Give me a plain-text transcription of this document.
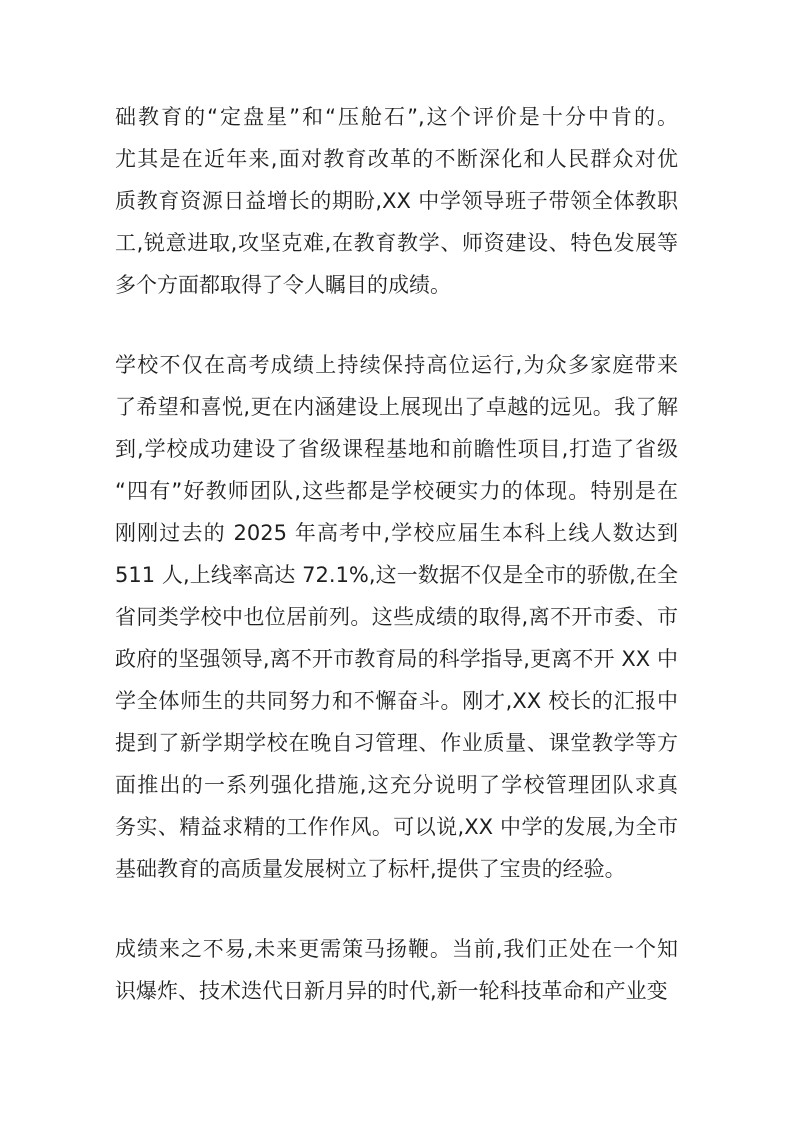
础教育的“定盘星”和“压舱石”,这个评价是十分中肯的。
尤其是在近年来,面对教育改革的不断深化和人民群众对优
质教育资源日益增长的期盼,XX 中学领导班子带领全体教职
工,锐意进取,攻坚克难,在教育教学、师资建设、特色发展等
多个方面都取得了令人瞩目的成绩。
学校不仅在高考成绩上持续保持高位运行,为众多家庭带来
了希望和喜悦,更在内涵建设上展现出了卓越的远见。我了解
到,学校成功建设了省级课程基地和前瞻性项目,打造了省级
“四有”好教师团队,这些都是学校硬实力的体现。特别是在
刚刚过去的 2025 年高考中,学校应届生本科上线人数达到
511 人,上线率高达 72.1%,这一数据不仅是全市的骄傲,在全
省同类学校中也位居前列。这些成绩的取得,离不开市委、市
政府的坚强领导,离不开市教育局的科学指导,更离不开 XX 中
学全体师生的共同努力和不懈奋斗。刚才,XX 校长的汇报中
提到了新学期学校在晚自习管理、作业质量、课堂教学等方
面推出的一系列强化措施,这充分说明了学校管理团队求真
务实、精益求精的工作作风。可以说,XX 中学的发展,为全市
基础教育的高质量发展树立了标杆,提供了宝贵的经验。
成绩来之不易,未来更需策马扬鞭。当前,我们正处在一个知
识爆炸、技术迭代日新月异的时代,新一轮科技革命和产业变
